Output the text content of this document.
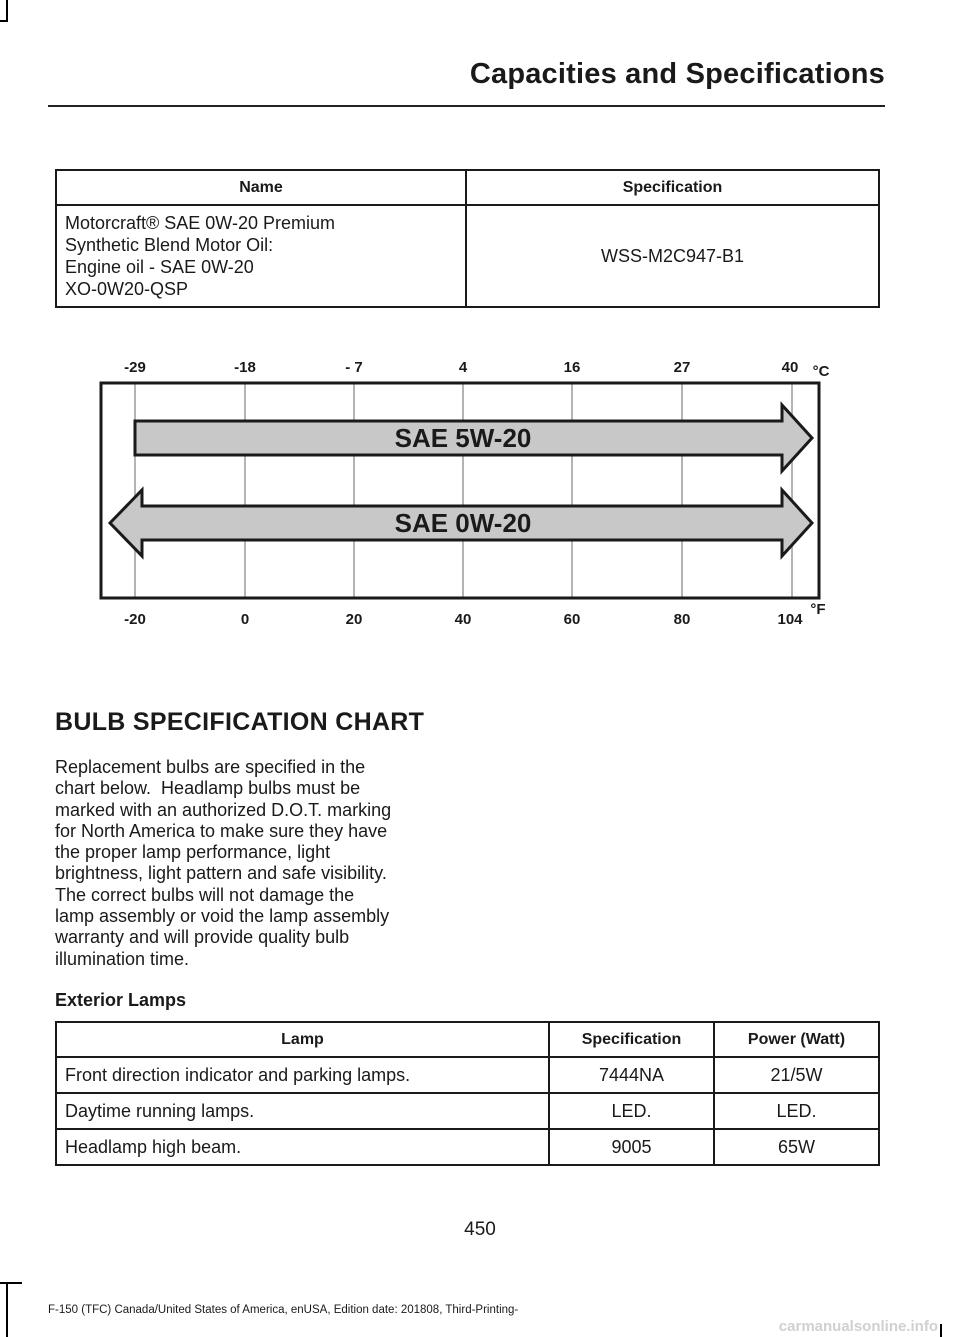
Capacities and Specifications
Name	Specification

Motorcraft® SAE 0W-20 Premium
Synthetic Blend Motor Oil:
Engine oil - SAE 0W-20
XO-0W20-QSP	WSS-M2C947-B1
-29	-18	- 7	4	16	27	40 °C
-20	0	20	40	60	80	104
°F
SAE 5W-20
SAE 0W-20
BULB SPECIFICATION CHART
Replacement bulbs are specified in the
chart below.  Headlamp bulbs must be
marked with an authorized D.O.T. marking
for North America to make sure they have
the proper lamp performance, light
brightness, light pattern and safe visibility.
The correct bulbs will not damage the
lamp assembly or void the lamp assembly
warranty and will provide quality bulb
illumination time.
Exterior Lamps
Lamp	Specification	Power (Watt)
Front direction indicator and parking lamps.	7444NA	21/5W
Daytime running lamps.	LED.	LED.
Headlamp high beam.	9005	65W
450
F-150 (TFC) Canada/United States of America, enUSA, Edition date: 201808, Third-Printing-
carmanualsonline.info
